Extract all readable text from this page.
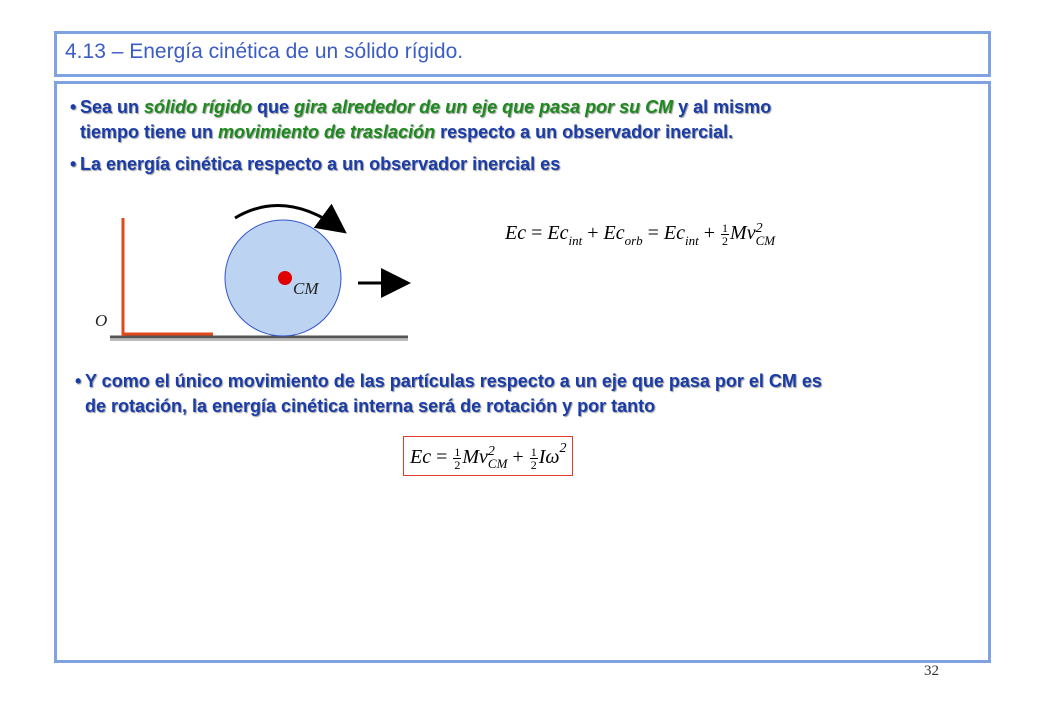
4.13 – Energía cinética de un sólido rígido.
• Sea un sólido rígido que gira alrededor de un eje que pasa por su CM y al mismo
tiempo tiene un movimiento de traslación respecto a un observador inercial.
• La energía cinética respecto a un observador inercial es
CM
O
$Ec = Ec_{int} + Ec_{orb} = Ec_{int} + \frac{1}{2}$ Mv 2
CM
• Y como el único movimiento de las partículas respecto a un eje que pasa por el CM es
de rotación, la energía cinética interna será de rotación y por tanto
$Ec = \frac{1}{2}$ Mv 2
CM + $\frac{1}{2} I\omega^2$
32
